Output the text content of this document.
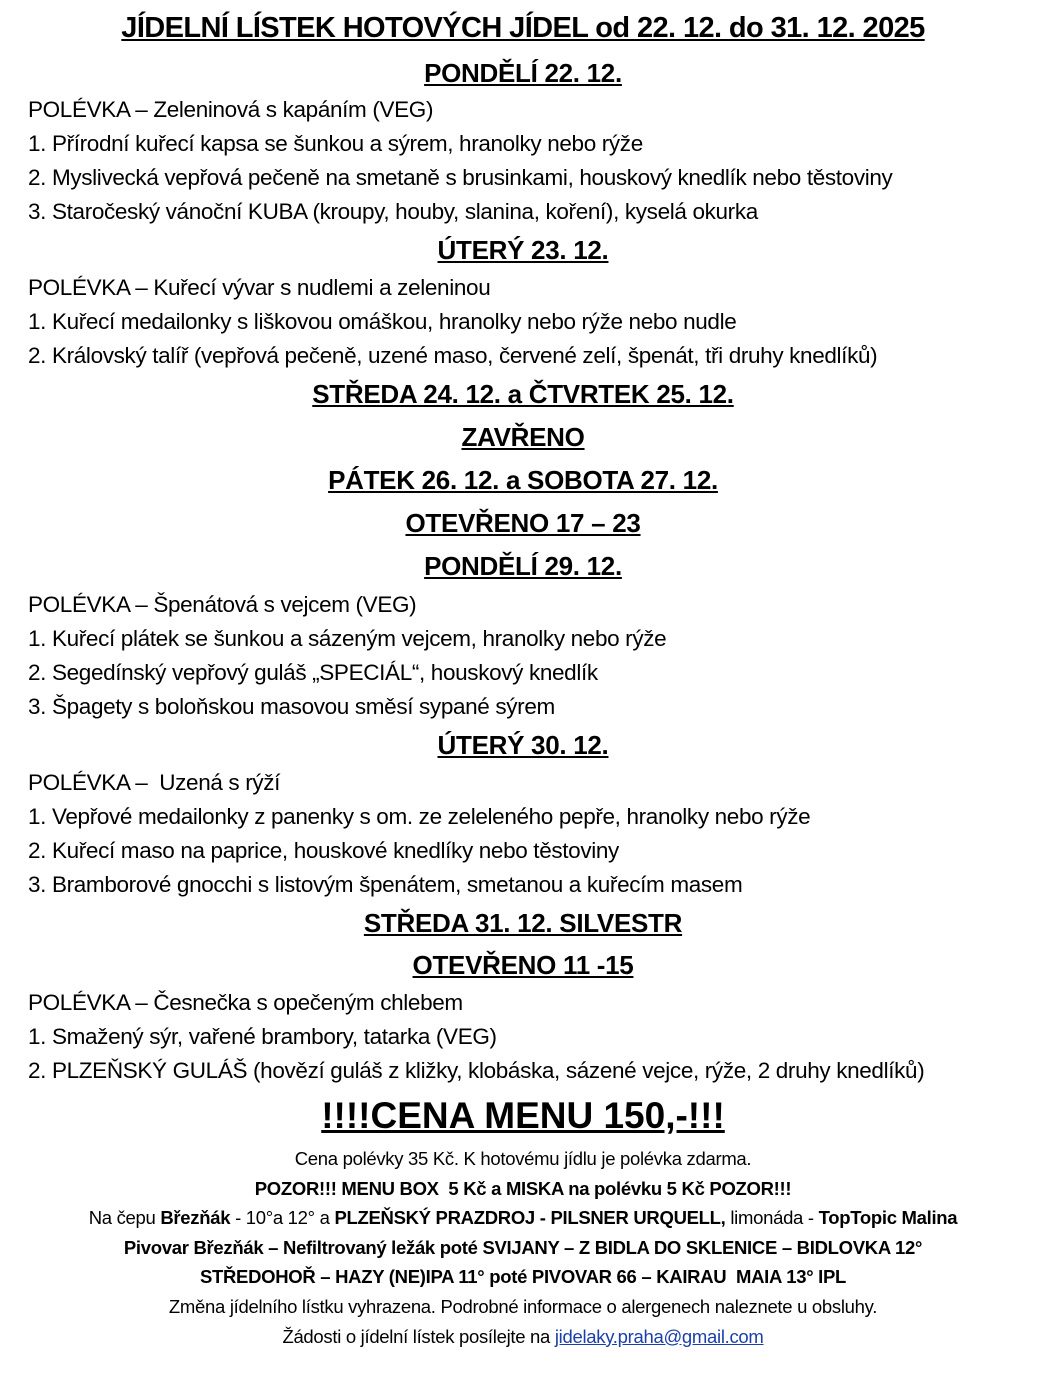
JÍDELNÍ LÍSTEK HOTOVÝCH JÍDEL od 22. 12. do 31. 12. 2025
PONDĚLÍ 22. 12.
POLÉVKA – Zeleninová s kapáním (VEG)
1. Přírodní kuřecí kapsa se šunkou a sýrem, hranolky nebo rýže
2. Myslivecká vepřová pečeně na smetaně s brusinkami, houskový knedlík nebo těstoviny
3. Staročeský vánoční KUBA (kroupy, houby, slanina, koření), kyselá okurka
ÚTERÝ 23. 12.
POLÉVKA – Kuřecí vývar s nudlemi a zeleninou
1. Kuřecí medailonky s liškovou omáškou, hranolky nebo rýže nebo nudle
2. Královský talíř (vepřová pečeně, uzené maso, červené zelí, špenát, tři druhy knedlíků)
STŘEDA 24. 12. a ČTVRTEK 25. 12.
ZAVŘENO
PÁTEK 26. 12. a SOBOTA 27. 12.
OTEVŘENO 17 – 23
PONDĚLÍ 29. 12.
POLÉVKA – Špenátová s vejcem (VEG)
1. Kuřecí plátek se šunkou a sázeným vejcem, hranolky nebo rýže
2. Segedínský vepřový guláš „SPECIÁL“, houskový knedlík
3. Špagety s boloňskou masovou směsí sypané sýrem
ÚTERÝ 30. 12.
POLÉVKA –  Uzená s rýží
1. Vepřové medailonky z panenky s om. ze zeleleného pepře, hranolky nebo rýže
2. Kuřecí maso na paprice, houskové knedlíky nebo těstoviny
3. Bramborové gnocchi s listovým špenátem, smetanou a kuřecím masem
STŘEDA 31. 12. SILVESTR
OTEVŘENO 11 -15
POLÉVKA – Česnečka s opečeným chlebem
1. Smažený sýr, vařené brambory, tatarka (VEG)
2. PLZEŇSKÝ GULÁŠ (hovězí guláš z kližky, klobáska, sázené vejce, rýže, 2 druhy knedlíků)
!!!!CENA MENU 150,-!!!
Cena polévky 35 Kč. K hotovému jídlu je polévka zdarma.
POZOR!!! MENU BOX  5 Kč a MISKA na polévku 5 Kč POZOR!!!
Na čepu Březňák - 10°a 12° a PLZEŇSKÝ PRAZDROJ - PILSNER URQUELL, limonáda - TopTopic Malina
Pivovar Březňák – Nefiltrovaný ležák poté SVIJANY – Z BIDLA DO SKLENICE – BIDLOVKA 12°
STŘEDOHOŘ – HAZY (NE)IPA 11° poté PIVOVAR 66 – KAIRAU  MAIA 13° IPL
Změna jídelního lístku vyhrazena. Podrobné informace o alergenech naleznete u obsluhy.
Žádosti o jídelní lístek posílejte na jidelaky.praha@gmail.com
